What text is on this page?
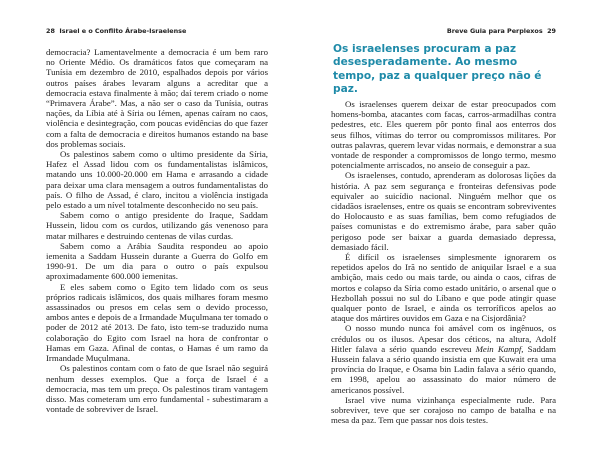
28 Israel e o Conflito Árabe-Israelense

democracia? Lamentavelmente a democracia é um bem raro no Oriente Médio. Os dramáticos fatos que começaram na Tunísia em dezembro de 2010, espalhados depois por vários outros países árabes levaram alguns a acreditar que a democracia estava finalmente à mão; daí terem criado o nome “Primavera Árabe”. Mas, a não ser o caso da Tunísia, outras nações, da Líbia até à Síria ou Iémen, apenas caíram no caos, violência e desintegração, com poucas evidências do que fazer com a falta de democracia e direitos humanos estando na base dos problemas sociais.

Os palestinos sabem como o ultimo presidente da Síria, Hafez el Assad lidou com os fundamentalistas islâmicos, matando uns 10.000-20.000 em Hama e arrasando a cidade para deixar uma clara mensagem a outros fundamentalistas do país. O filho de Assad, é claro, incitou a violência instigada pelo estado a um nível totalmente desconhecido no seu país.

Sabem como o antigo presidente do Iraque, Saddam Hussein, lidou com os curdos, utilizando gás venenoso para matar milhares e destruindo centenas de vilas curdas.

Sabem como a Arábia Saudita respondeu ao apoio iemenita a Saddam Hussein durante a Guerra do Golfo em 1990-91. De um dia para o outro o país expulsou aproximadamente 600.000 iemenitas.

E eles sabem como o Egito tem lidado com os seus próprios radicais islâmicos, dos quais milhares foram mesmo assassinados ou presos em celas sem o devido processo, ambos antes e depois de a Irmandade Muçulmana ter tomado o poder de 2012 até 2013. De fato, isto tem-se traduzido numa colaboração do Egito com Israel na hora de confrontar o Hamas em Gaza. Afinal de contas, o Hamas é um ramo da Irmandade Muçulmana.

Os palestinos contam com o fato de que Israel não seguirá nenhum desses exemplos. Que a força de Israel é a democracia, mas tem um preço. Os palestinos tiram vantagem disso. Mas cometeram um erro fundamental - subestimaram a vontade de sobreviver de Israel.

Breve Guia para Perplexos 29
Os israelenses procuram a paz desesperadamente. Ao mesmo tempo, paz a qualquer preço não é paz.

Os israelenses querem deixar de estar preocupados com homens-bomba, atacantes com facas, carros-armadilhas contra pedestres, etc. Eles querem pôr ponto final aos enterros dos seus filhos, vítimas do terror ou compromissos militares. Por outras palavras, querem levar vidas normais, e demonstrar a sua vontade de responder a compromissos de longo termo, mesmo potencialmente arriscados, no anseio de conseguir a paz.

Os israelenses, contudo, aprenderam as dolorosas lições da história. A paz sem segurança e fronteiras defensivas pode equivaler ao suicídio nacional. Ninguém melhor que os cidadãos israelenses, entre os quais se encontram sobreviventes do Holocausto e as suas famílias, bem como refugiados de países comunistas e do extremismo árabe, para saber quão perigoso pode ser baixar a guarda demasiado depressa, demasiado fácil.

É difícil os israelenses simplesmente ignorarem os repetidos apelos do Irã no sentido de aniquilar Israel e a sua ambição, mais cedo ou mais tarde, ou ainda o caos, cifras de mortos e colapso da Síria como estado unitário, o arsenal que o Hezbollah possui no sul do Líbano e que pode atingir quase qualquer ponto de Israel, e ainda os terroríficos apelos ao ataque dos mártires ouvidos em Gaza e na Cisjordânia?

O nosso mundo nunca foi amável com os ingênuos, os crédulos ou os ilusos. Apesar dos céticos, na altura, Adolf Hitler falava a sério quando escreveu Mein Kampf, Saddam Hussein falava a sério quando insistia em que Kuwait era uma província do Iraque, e Osama bin Ladin falava a sério quando, em 1998, apelou ao assassinato do maior número de americanos possível.

Israel vive numa vizinhança especialmente rude. Para sobreviver, teve que ser corajoso no campo de batalha e na mesa da paz. Tem que passar nos dois testes.
